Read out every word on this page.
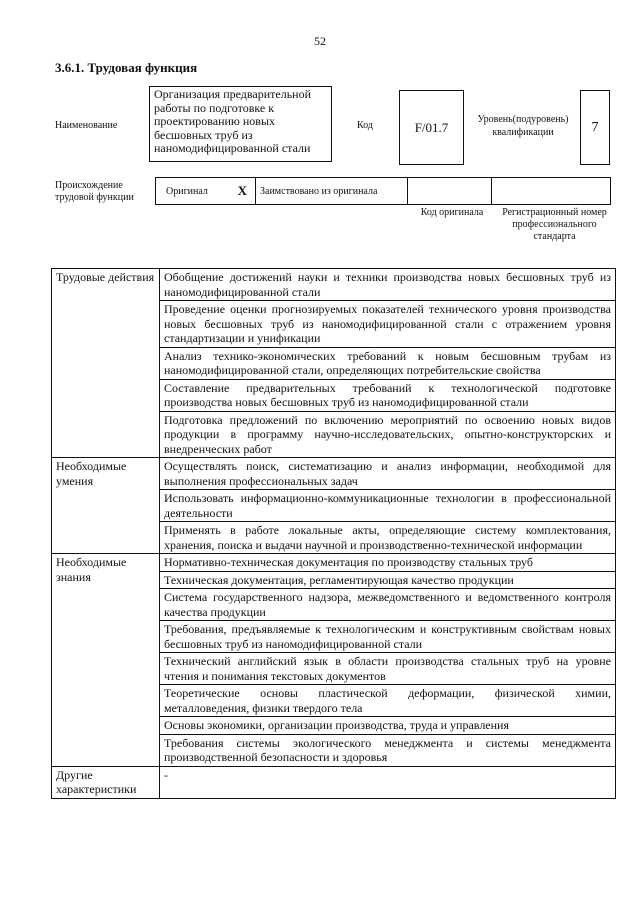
52
3.6.1. Трудовая функция
Наименование
Организация предварительной работы по подготовке к проектированию новых бесшовных труб из наномодифицированной стали
Код	F/01.7	Уровень(подуровень) квалификации	7
Происхождение трудовой функции
Оригинал X	Заимствовано из оригинала
Код оригинала	Регистрационный номер профессионального стандарта
Трудовые действия	Обобщение достижений науки и техники производства новых бесшовных труб из наномодифицированной стали
	Проведение оценки прогнозируемых показателей технического уровня производства новых бесшовных труб из наномодифицированной стали с отражением уровня стандартизации и унификации
	Анализ технико-экономических требований к новым бесшовным трубам из наномодифицированной стали, определяющих потребительские свойства
	Составление предварительных требований к технологической подготовке производства новых бесшовных труб из наномодифицированной стали
	Подготовка предложений по включению мероприятий по освоению новых видов продукции в программу научно-исследовательских, опытно-конструкторских и внедренческих работ
Необходимые умения	Осуществлять поиск, систематизацию и анализ информации, необходимой для выполнения профессиональных задач
	Использовать информационно-коммуникационные технологии в профессиональной деятельности
	Применять в работе локальные акты, определяющие систему комплектования, хранения, поиска и выдачи научной и производственно-технической информации
Необходимые знания	Нормативно-техническая документация по производству стальных труб
	Техническая документация, регламентирующая качество продукции
	Система государственного надзора, межведомственного и ведомственного контроля качества продукции
	Требования, предъявляемые к технологическим и конструктивным свойствам новых бесшовных труб из наномодифицированной стали
	Технический английский язык в области производства стальных труб на уровне чтения и понимания текстовых документов
	Теоретические основы пластической деформации, физической химии, металловедения, физики твердого тела
	Основы экономики, организации производства, труда и управления
	Требования системы экологического менеджмента и системы менеджмента производственной безопасности и здоровья
Другие характеристики	-
